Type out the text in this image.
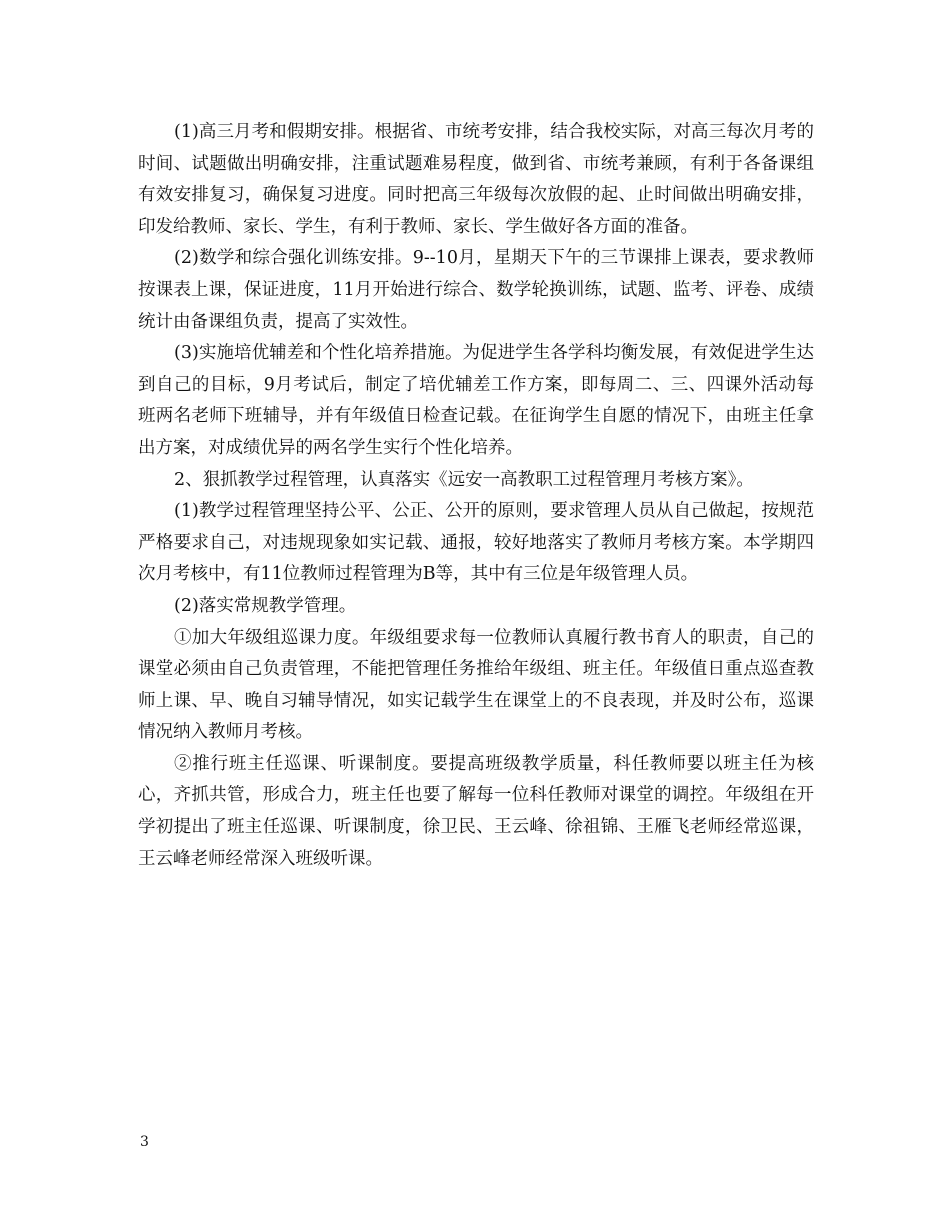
(1)高三月考和假期安排。根据省、市统考安排，结合我校实际，对高三每次月考的时间、试题做出明确安排，注重试题难易程度，做到省、市统考兼顾，有利于各备课组有效安排复习，确保复习进度。同时把高三年级每次放假的起、止时间做出明确安排，印发给教师、家长、学生，有利于教师、家长、学生做好各方面的准备。

(2)数学和综合强化训练安排。9--10月，星期天下午的三节课排上课表，要求教师按课表上课，保证进度，11月开始进行综合、数学轮换训练，试题、监考、评卷、成绩统计由备课组负责，提高了实效性。

(3)实施培优辅差和个性化培养措施。为促进学生各学科均衡发展，有效促进学生达到自己的目标，9月考试后，制定了培优辅差工作方案，即每周二、三、四课外活动每班两名老师下班辅导，并有年级值日检查记载。在征询学生自愿的情况下，由班主任拿出方案，对成绩优异的两名学生实行个性化培养。

2、狠抓教学过程管理，认真落实《远安一高教职工过程管理月考核方案》。

(1)教学过程管理坚持公平、公正、公开的原则，要求管理人员从自己做起，按规范严格要求自己，对违规现象如实记载、通报，较好地落实了教师月考核方案。本学期四次月考核中，有11位教师过程管理为B等，其中有三位是年级管理人员。

(2)落实常规教学管理。

①加大年级组巡课力度。年级组要求每一位教师认真履行教书育人的职责，自己的课堂必须由自己负责管理，不能把管理任务推给年级组、班主任。年级值日重点巡查教师上课、早、晚自习辅导情况，如实记载学生在课堂上的不良表现，并及时公布，巡课情况纳入教师月考核。

②推行班主任巡课、听课制度。要提高班级教学质量，科任教师要以班主任为核心，齐抓共管，形成合力，班主任也要了解每一位科任教师对课堂的调控。年级组在开学初提出了班主任巡课、听课制度，徐卫民、王云峰、徐祖锦、王雁飞老师经常巡课，王云峰老师经常深入班级听课。

3
